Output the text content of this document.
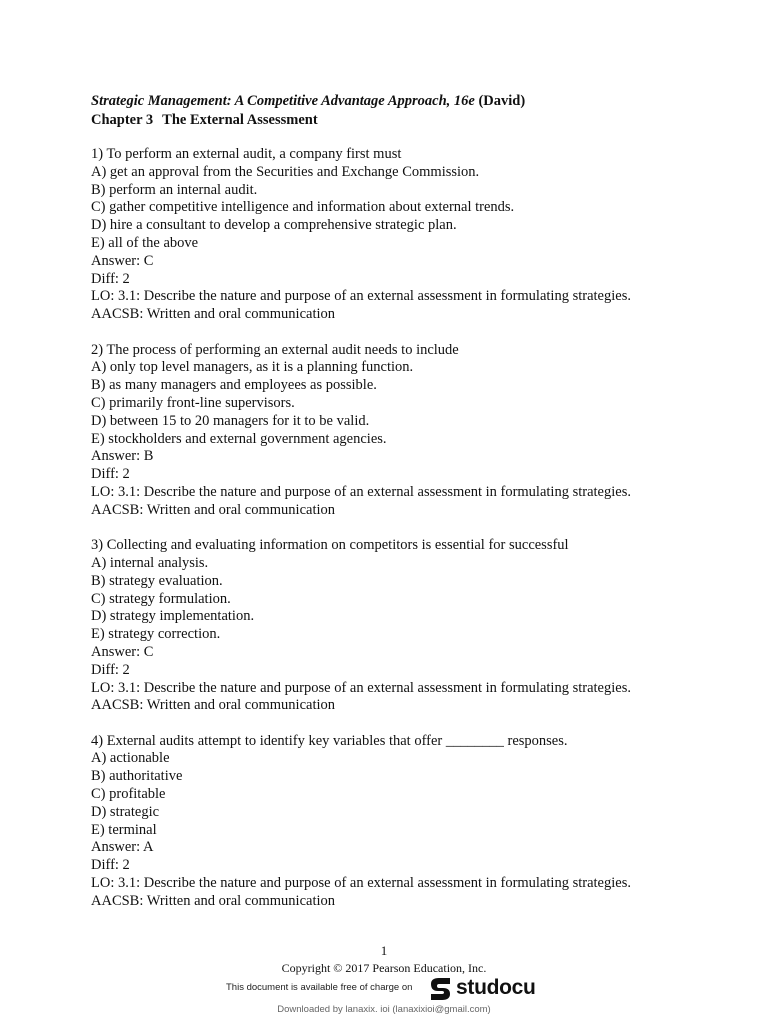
Strategic Management: A Competitive Advantage Approach, 16e (David)
Chapter 3 The External Assessment
1) To perform an external audit, a company first must
A) get an approval from the Securities and Exchange Commission.
B) perform an internal audit.
C) gather competitive intelligence and information about external trends.
D) hire a consultant to develop a comprehensive strategic plan.
E) all of the above
Answer: C
Diff: 2
LO: 3.1: Describe the nature and purpose of an external assessment in formulating strategies.
AACSB: Written and oral communication
2) The process of performing an external audit needs to include
A) only top level managers, as it is a planning function.
B) as many managers and employees as possible.
C) primarily front-line supervisors.
D) between 15 to 20 managers for it to be valid.
E) stockholders and external government agencies.
Answer: B
Diff: 2
LO: 3.1: Describe the nature and purpose of an external assessment in formulating strategies.
AACSB: Written and oral communication
3) Collecting and evaluating information on competitors is essential for successful
A) internal analysis.
B) strategy evaluation.
C) strategy formulation.
D) strategy implementation.
E) strategy correction.
Answer: C
Diff: 2
LO: 3.1: Describe the nature and purpose of an external assessment in formulating strategies.
AACSB: Written and oral communication
4) External audits attempt to identify key variables that offer ________ responses.
A) actionable
B) authoritative
C) profitable
D) strategic
E) terminal
Answer: A
Diff: 2
LO: 3.1: Describe the nature and purpose of an external assessment in formulating strategies.
AACSB: Written and oral communication
1
Copyright © 2017 Pearson Education, Inc.
This document is available free of charge on studocu
Downloaded by lanaxix. ioi (lanaxixioi@gmail.com)
